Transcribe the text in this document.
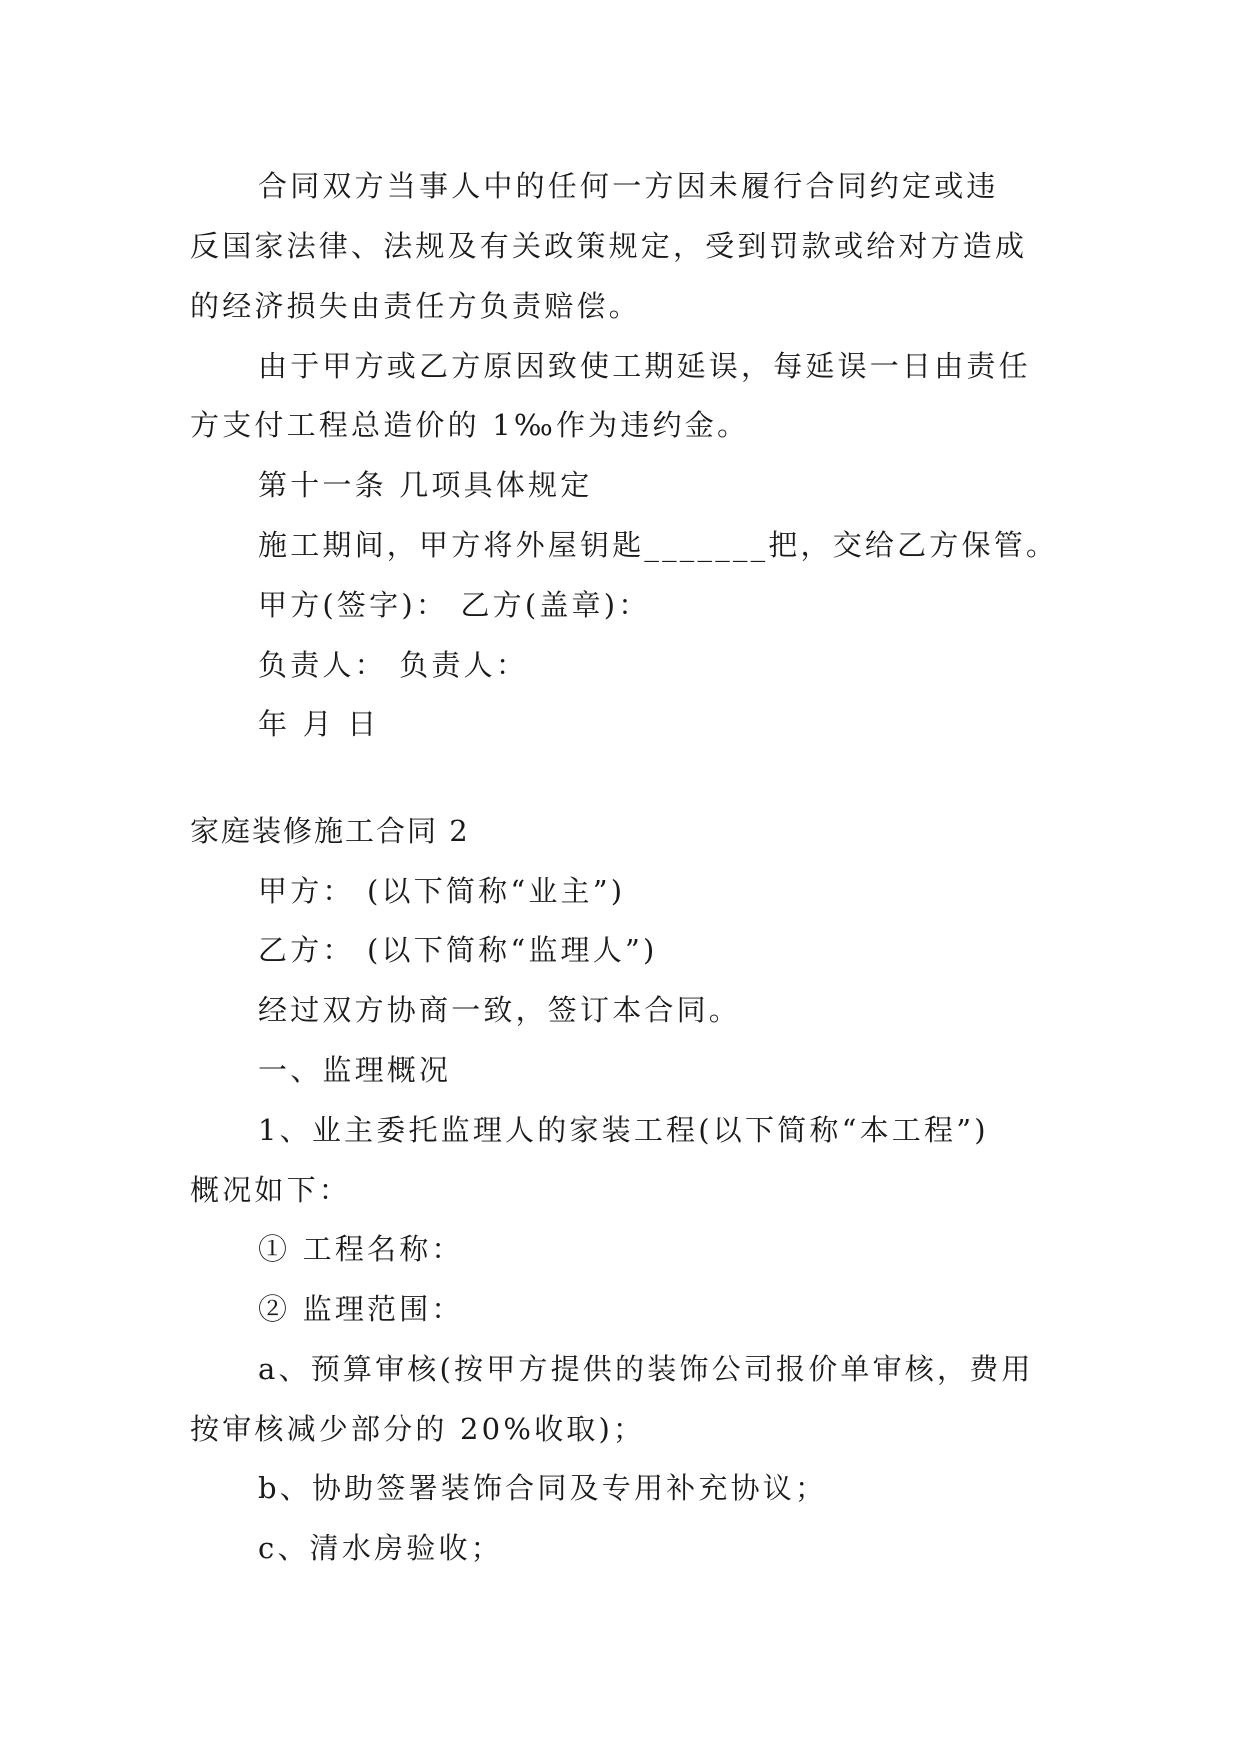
合同双方当事人中的任何一方因未履行合同约定或违
反国家法律、法规及有关政策规定，受到罚款或给对方造成
的经济损失由责任方负责赔偿。
由于甲方或乙方原因致使工期延误，每延误一日由责任
方支付工程总造价的 1‰作为违约金。
第十一条 几项具体规定
施工期间，甲方将外屋钥匙_______把，交给乙方保管。
甲方(签字)： 乙方(盖章)：
负责人： 负责人：
年 月 日
家庭装修施工合同 2
甲方： (以下简称“业主”)
乙方： (以下简称“监理人”)
经过双方协商一致，签订本合同。
一、监理概况
1、业主委托监理人的家装工程(以下简称“本工程”)
概况如下：
① 工程名称：
② 监理范围：
a、预算审核(按甲方提供的装饰公司报价单审核，费用
按审核减少部分的 20%收取)；
b、协助签署装饰合同及专用补充协议；
c、清水房验收；
